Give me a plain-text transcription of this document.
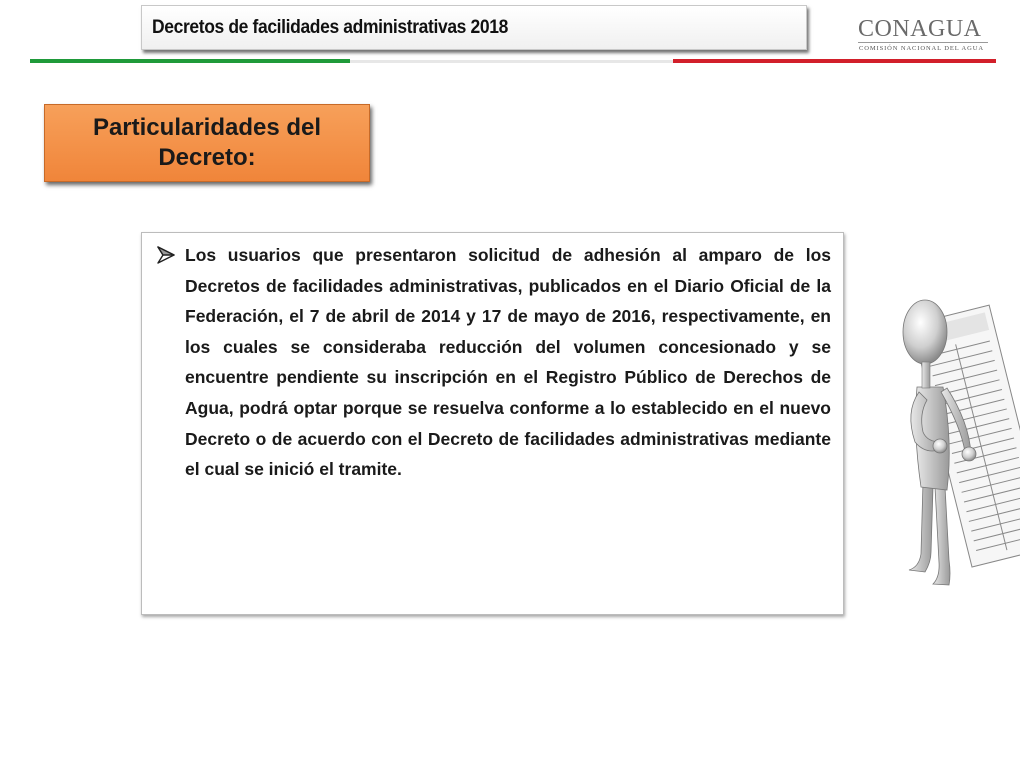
Decretos de facilidades administrativas 2018	CONAGUA
COMISIÓN NACIONAL DEL AGUA
Particularidades del Decreto:

Los usuarios que presentaron solicitud de adhesión al amparo de los Decretos de facilidades administrativas, publicados en el Diario Oficial de la Federación, el 7 de abril de 2014 y 17 de mayo de 2016, respectivamente, en los cuales se consideraba reducción del volumen concesionado y se encuentre pendiente su inscripción en el Registro Público de Derechos de Agua, podrá optar porque se resuelva conforme a lo establecido en el nuevo Decreto o de acuerdo con el Decreto de facilidades administrativas mediante el cual se inició el tramite.
